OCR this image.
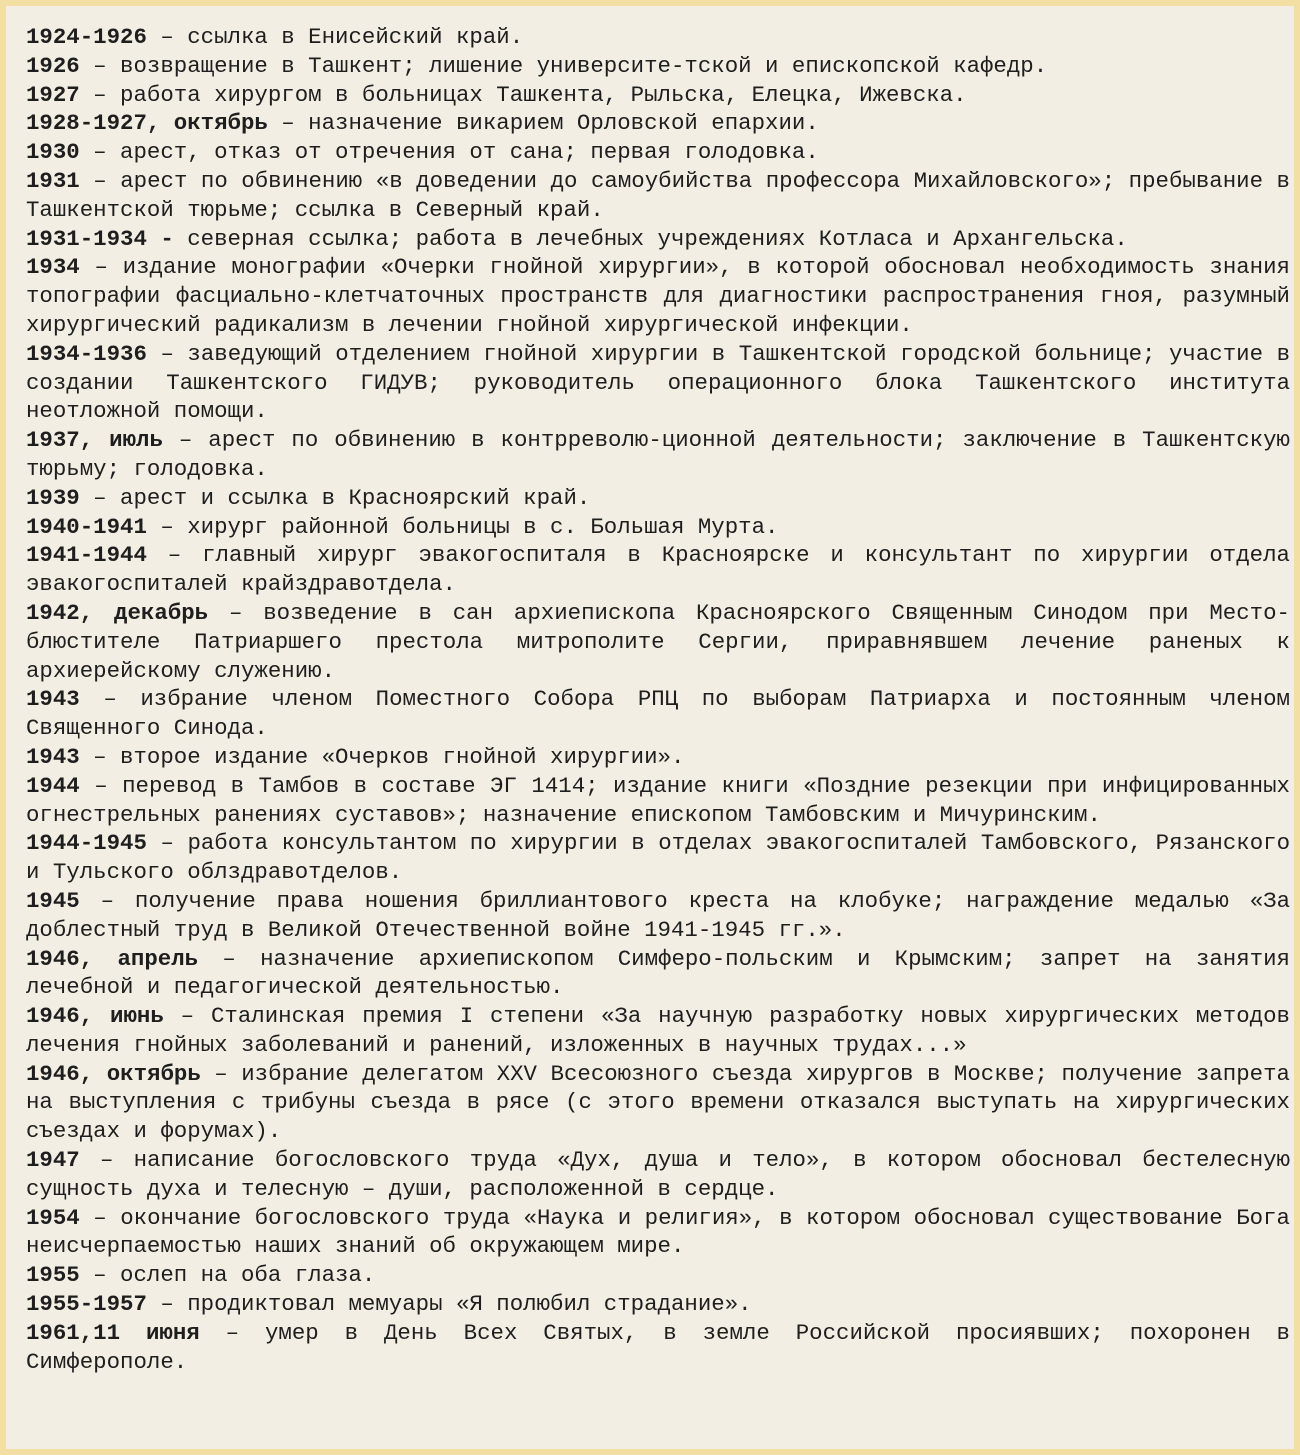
1924-1926 – ссылка в Енисейский край.

1926 – возвращение в Ташкент; лишение университе-тской и епископской кафедр.

1927 – работа хирургом в больницах Ташкента, Рыльска, Елецка, Ижевска.

1928-1927, октябрь – назначение викарием Орловской епархии.

1930 – арест, отказ от отречения от сана; первая голодовка.

1931 – арест по обвинению «в доведении до самоубийства профессора Михайловского»; пребывание в Ташкентской тюрьме; ссылка в Северный край.

1931-1934 - северная ссылка; работа в лечебных учреждениях Котласа и Архангельска.

1934 – издание монографии «Очерки гнойной хирургии», в которой обосновал необходимость знания топографии фасциально-клетчаточных пространств для диагностики распространения гноя, разумный хирургический радикализм в лечении гнойной хирургической инфекции.

1934-1936 – заведующий отделением гнойной хирургии в Ташкентской городской больнице; участие в создании Ташкентского ГИДУВ; руководитель операционного блока Ташкентского института неотложной помощи.

1937, июль – арест по обвинению в контрреволю-ционной деятельности; заключение в Ташкентскую тюрьму; голодовка.

1939 – арест и ссылка в Красноярский край.

1940-1941 – хирург районной больницы в с. Большая Мурта.

1941-1944 – главный хирург эвакогоспиталя в Красноярске и консультант по хирургии отдела эвакогоспиталей крайздравотдела.

1942, декабрь – возведение в сан архиепископа Красноярского Священным Синодом при Место-блюстителе Патриаршего престола митрополите Сергии, приравнявшем лечение раненых к архиерейскому служению.

1943 – избрание членом Поместного Собора РПЦ по выборам Патриарха и постоянным членом Священного Синода.

1943 – второе издание «Очерков гнойной хирургии».

1944 – перевод в Тамбов в составе ЭГ 1414; издание книги «Поздние резекции при инфицированных огнестрельных ранениях суставов»; назначение епископом Тамбовским и Мичуринским.

1944-1945 – работа консультантом по хирургии в отделах эвакогоспиталей Тамбовского, Рязанского и Тульского облздравотделов.

1945 – получение права ношения бриллиантового креста на клобуке; награждение медалью «За доблестный труд в Великой Отечественной войне 1941-1945 гг.».

1946, апрель – назначение архиепископом Симферо-польским и Крымским; запрет на занятия лечебной и педагогической деятельностью.

1946, июнь – Сталинская премия I степени «За научную разработку новых хирургических методов лечения гнойных заболеваний и ранений, изложенных в научных трудах...»

1946, октябрь – избрание делегатом XXV Всесоюзного съезда хирургов в Москве; получение запрета на выступления с трибуны съезда в рясе (с этого времени отказался выступать на хирургических съездах и форумах).

1947 – написание богословского труда «Дух, душа и тело», в котором обосновал бестелесную сущность духа и телесную – души, расположенной в сердце.

1954 – окончание богословского труда «Наука и религия», в котором обосновал существование Бога неисчерпаемостью наших знаний об окружающем мире.

1955 – ослеп на оба глаза.

1955-1957 – продиктовал мемуары «Я полюбил страдание».

1961,11 июня – умер в День Всех Святых, в земле Российской просиявших; похоронен в Симферополе.
